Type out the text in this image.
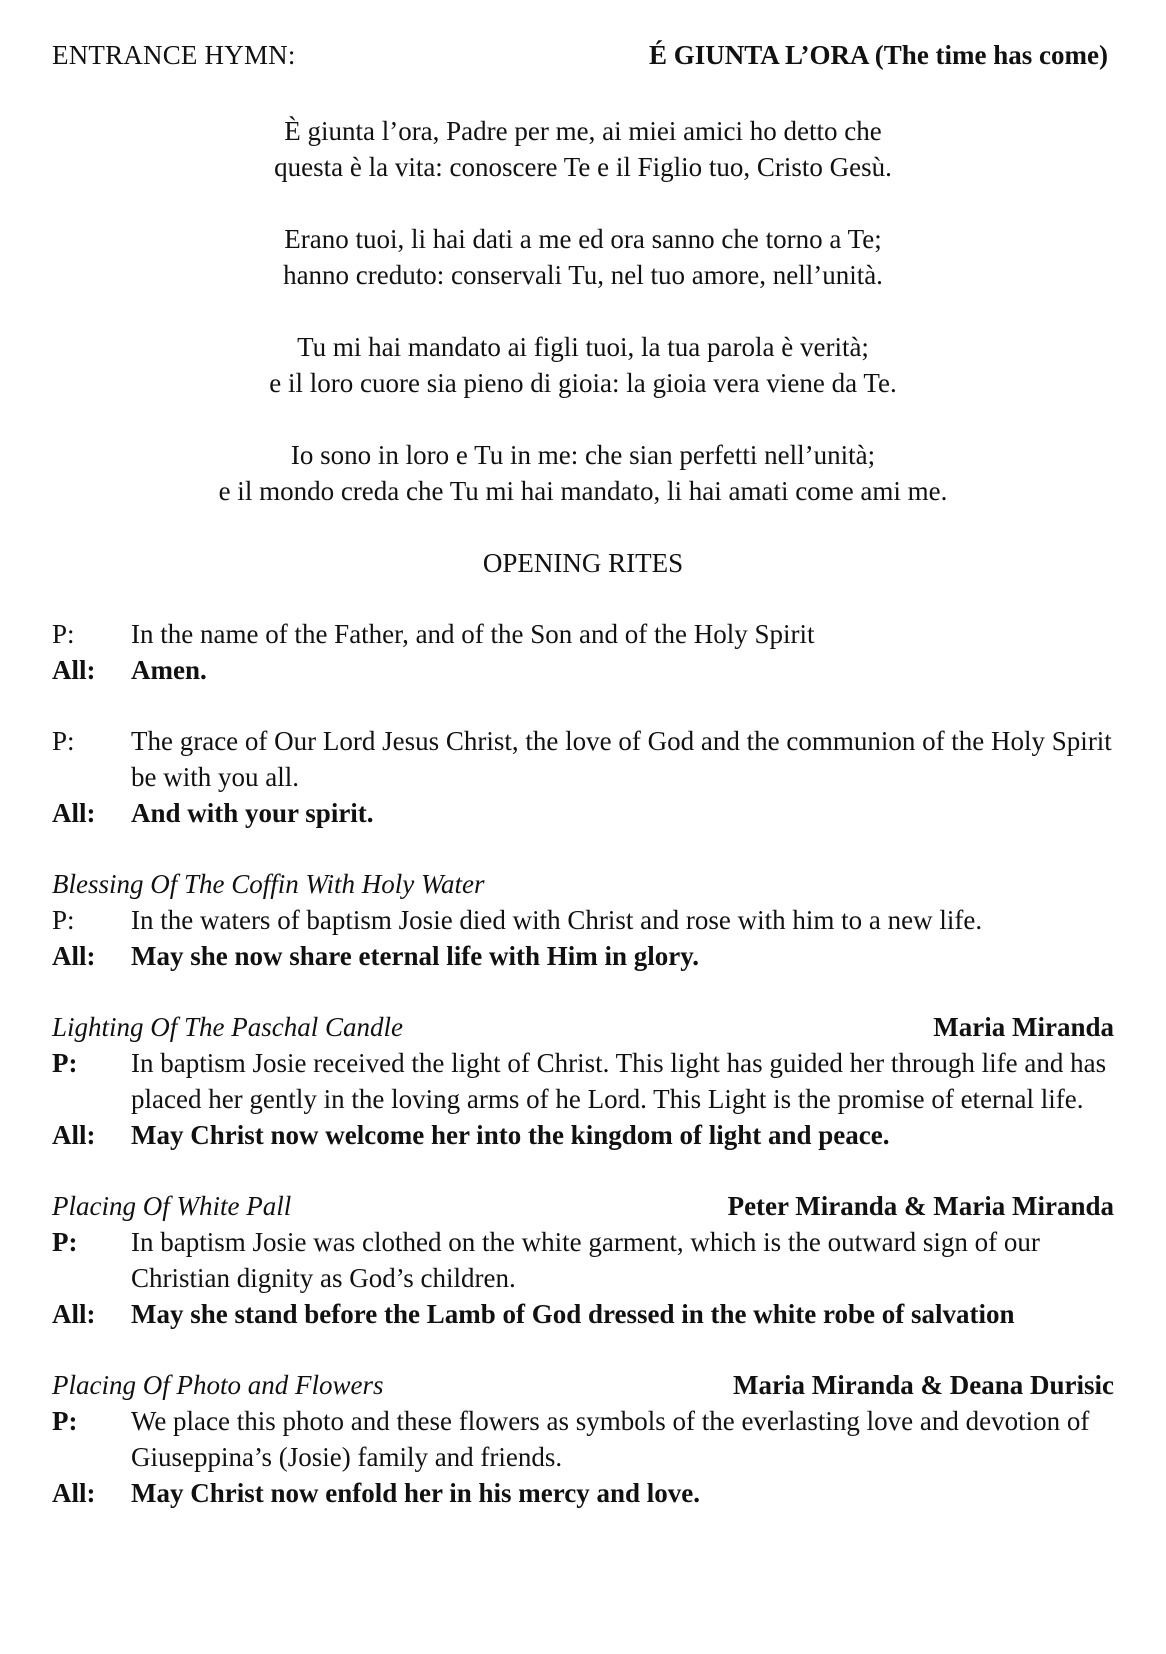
ENTRANCE HYMN:	É GIUNTA L’ORA (The time has come)
È giunta l’ora, Padre per me, ai miei amici ho detto che
questa è la vita: conoscere Te e il Figlio tuo, Cristo Gesù.
Erano tuoi, li hai dati a me ed ora sanno che torno a Te;
hanno creduto: conservali Tu, nel tuo amore, nell’unità.
Tu mi hai mandato ai figli tuoi, la tua parola è verità;
e il loro cuore sia pieno di gioia: la gioia vera viene da Te.
Io sono in loro e Tu in me: che sian perfetti nell’unità;
e il mondo creda che Tu mi hai mandato, li hai amati come ami me.
OPENING RITES
P:	In the name of the Father, and of the Son and of the Holy Spirit
All:	Amen.
P:	The grace of Our Lord Jesus Christ, the love of God and the communion of the Holy Spirit be with you all.
All:	And with your spirit.
Blessing Of The Coffin With Holy Water
P:	In the waters of baptism Josie died with Christ and rose with him to a new life.
All:	May she now share eternal life with Him in glory.
Lighting Of The Paschal Candle	Maria Miranda
P:	In baptism Josie received the light of Christ. This light has guided her through life and has placed her gently in the loving arms of he Lord. This Light is the promise of eternal life.
All:	May Christ now welcome her into the kingdom of light and peace.
Placing Of White Pall	Peter Miranda & Maria Miranda
P:	In baptism Josie was clothed on the white garment, which is the outward sign of our Christian dignity as God’s children.
All:	May she stand before the Lamb of God dressed in the white robe of salvation
Placing Of Photo and Flowers	Maria Miranda & Deana Durisic
P:	We place this photo and these flowers as symbols of the everlasting love and devotion of Giuseppina’s (Josie) family and friends.
All:	May Christ now enfold her in his mercy and love.
